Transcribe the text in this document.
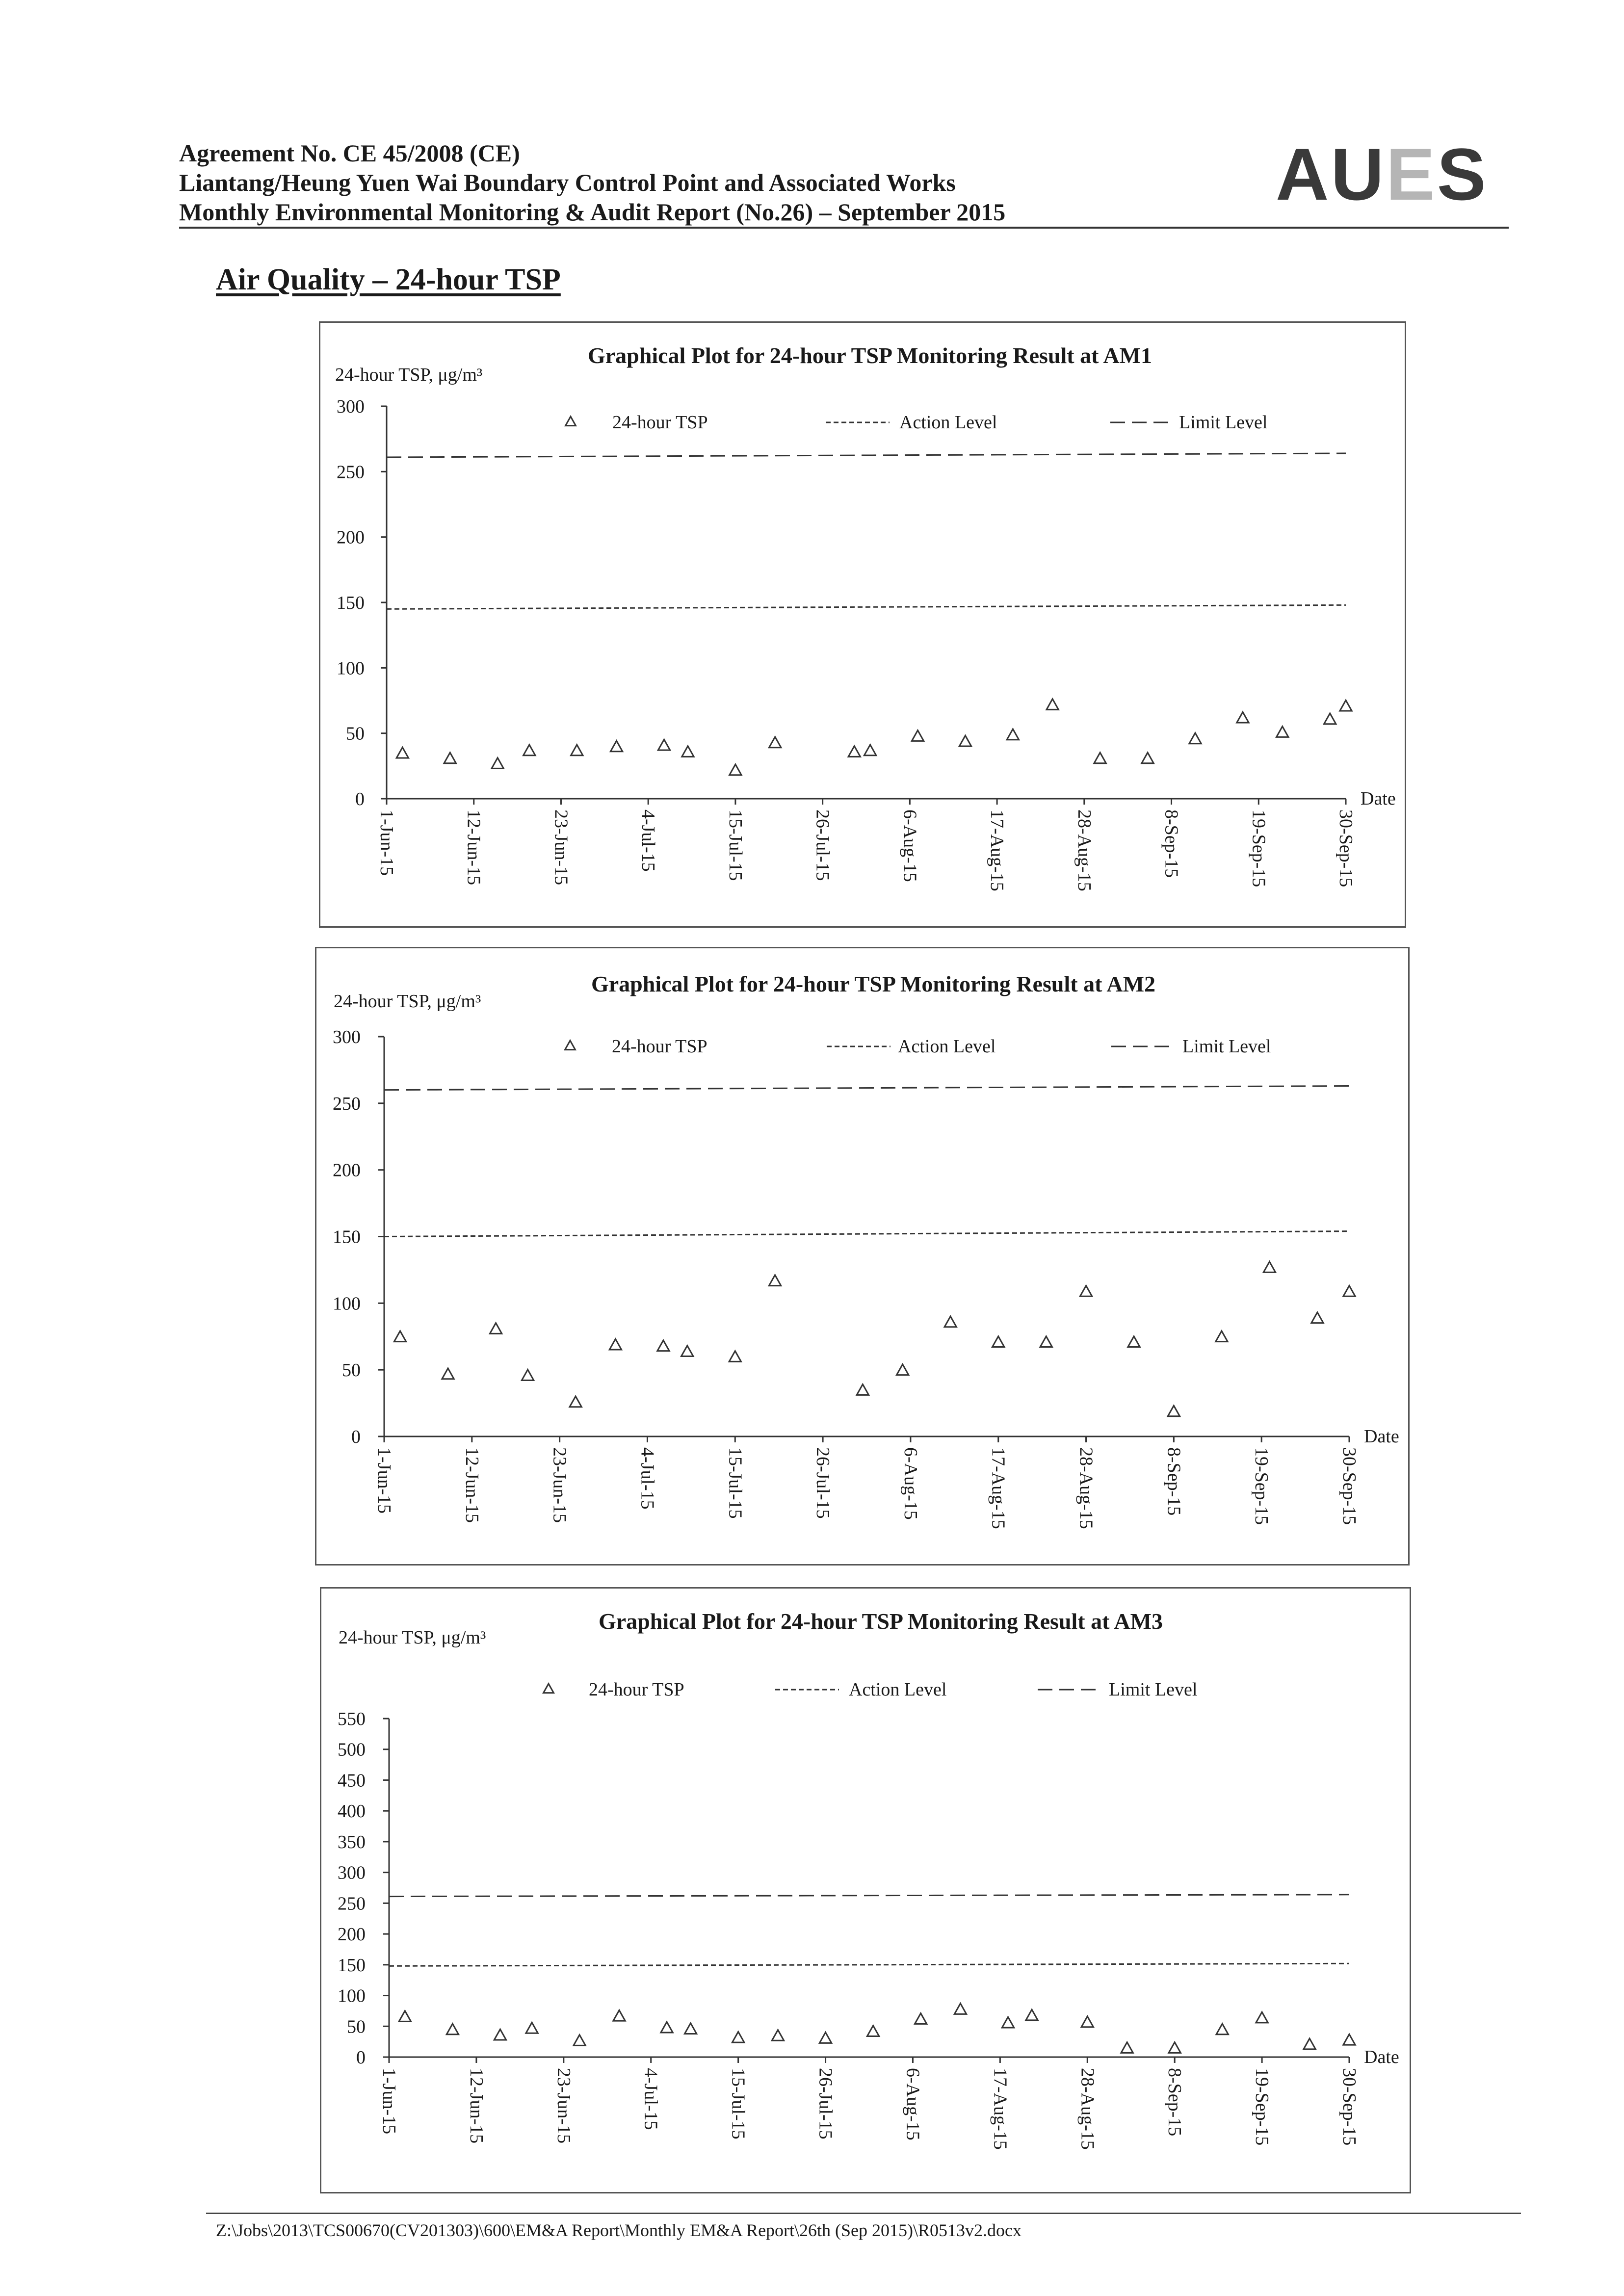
Agreement No. CE 45/2008 (CE)
Liantang/Heung Yuen Wai Boundary Control Point and Associated Works
Monthly Environmental Monitoring & Audit Report (No.26) – September 2015	AUES
Air Quality – 24-hour TSP
Graphical Plot for 24-hour TSP Monitoring Result at AM1
24-hour TSP, μg/m³
24-hour TSP	Action Level	Limit Level
0
50
100
150
200
250
300
1-Jun-15	12-Jun-15	23-Jun-15	4-Jul-15	15-Jul-15	26-Jul-15	6-Aug-15	17-Aug-15	28-Aug-15	8-Sep-15	19-Sep-15	30-Sep-15
Date
Graphical Plot for 24-hour TSP Monitoring Result at AM2
24-hour TSP, μg/m³
24-hour TSP	Action Level	Limit Level
0
50
100
150
200
250
300
1-Jun-15	12-Jun-15	23-Jun-15	4-Jul-15	15-Jul-15	26-Jul-15	6-Aug-15	17-Aug-15	28-Aug-15	8-Sep-15	19-Sep-15	30-Sep-15
Date
Graphical Plot for 24-hour TSP Monitoring Result at AM3
24-hour TSP, μg/m³
24-hour TSP	Action Level	Limit Level
0
50
100
150
200
250
300
350
400
450
500
550
1-Jun-15	12-Jun-15	23-Jun-15	4-Jul-15	15-Jul-15	26-Jul-15	6-Aug-15	17-Aug-15	28-Aug-15	8-Sep-15	19-Sep-15	30-Sep-15
Date
Z:\Jobs\2013\TCS00670(CV201303)\600\EM&A Report\Monthly EM&A Report\26th (Sep 2015)\R0513v2.docx
